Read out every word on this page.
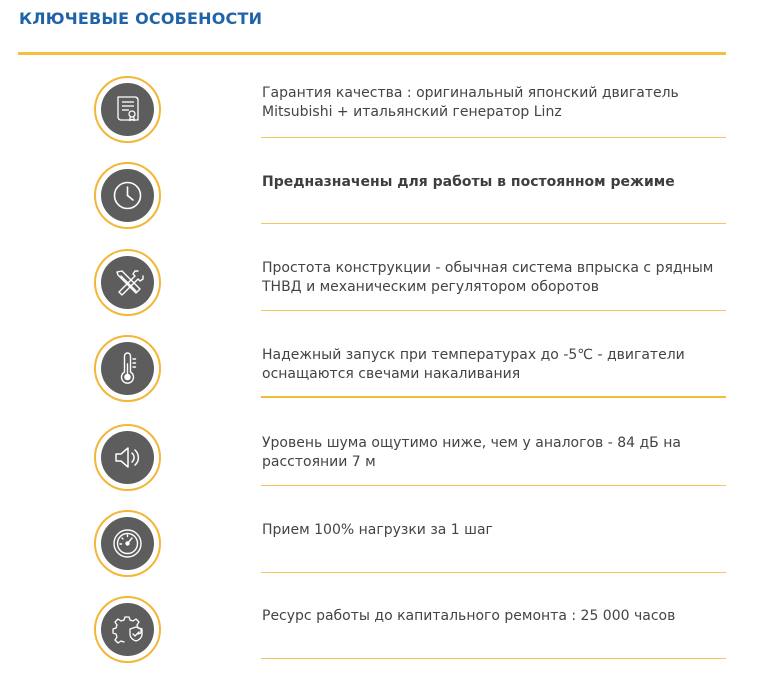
КЛЮЧЕВЫЕ ОСОБЕНОСТИ
Гарантия качества : оригинальный японский двигатель Mitsubishi + итальянский генератор Linz
Предназначены для работы в постоянном режиме
Простота конструкции - обычная система впрыска с рядным ТНВД и механическим регулятором оборотов
Надежный запуск при температурах до -5℃ - двигатели оснащаются свечами накаливания
Уровень шума ощутимо ниже, чем у аналогов - 84 дБ на расстоянии 7 м
Прием 100% нагрузки за 1 шаг
Ресурс работы до капитального ремонта : 25 000 часов
